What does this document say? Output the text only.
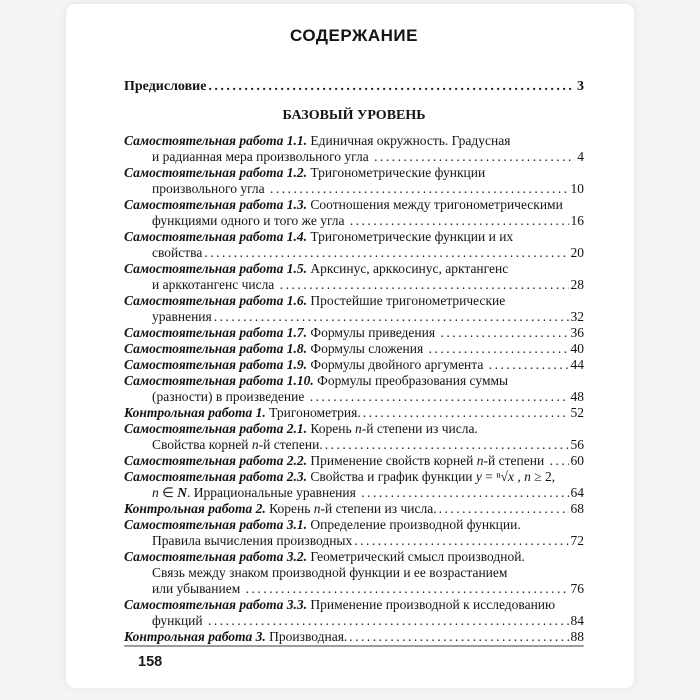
СОДЕРЖАНИЕ
Предисловие .....	3
БАЗОВЫЙ УРОВЕНЬ
Самостоятельная работа 1.1. Единичная окружность. Градусная
и радианная мера произвольного угла .....	4
Самостоятельная работа 1.2. Тригонометрические функции
произвольного угла .....	10
Самостоятельная работа 1.3. Соотношения между тригонометрическими
функциями одного и того же угла .....	16
Самостоятельная работа 1.4. Тригонометрические функции и их
свойства .....	20
Самостоятельная работа 1.5. Арксинус, арккосинус, арктангенс
и арккотангенс числа .....	28
Самостоятельная работа 1.6. Простейшие тригонометрические
уравнения .....	32
Самостоятельная работа 1.7. Формулы приведения .....	36
Самостоятельная работа 1.8. Формулы сложения .....	40
Самостоятельная работа 1.9. Формулы двойного аргумента .....	44
Самостоятельная работа 1.10. Формулы преобразования суммы
(разности) в произведение .....	48
Контрольная работа 1. Тригонометрия. .....	52
Самостоятельная работа 2.1. Корень n -й степени из числа.
Свойства корней n -й степени. .....	56
Самостоятельная работа 2.2. Применение свойств корней n -й степени ..... 60
Самостоятельная работа 2.3. Свойства и график функции y = ⁿ√ x , n ≥ 2,
n ∈ N . Иррациональные уравнения .....	64
Контрольная работа 2. Корень n -й степени из числа. .....	68
Самостоятельная работа 3.1. Определение производной функции.
Правила вычисления производных .....	72
Самостоятельная работа 3.2. Геометрический смысл производной.
Связь между знаком производной функции и ее возрастанием
или убыванием .....	76
Самостоятельная работа 3.3. Применение производной к исследованию
функций .....	84
Контрольная работа 3. Производная. .....	88
158
